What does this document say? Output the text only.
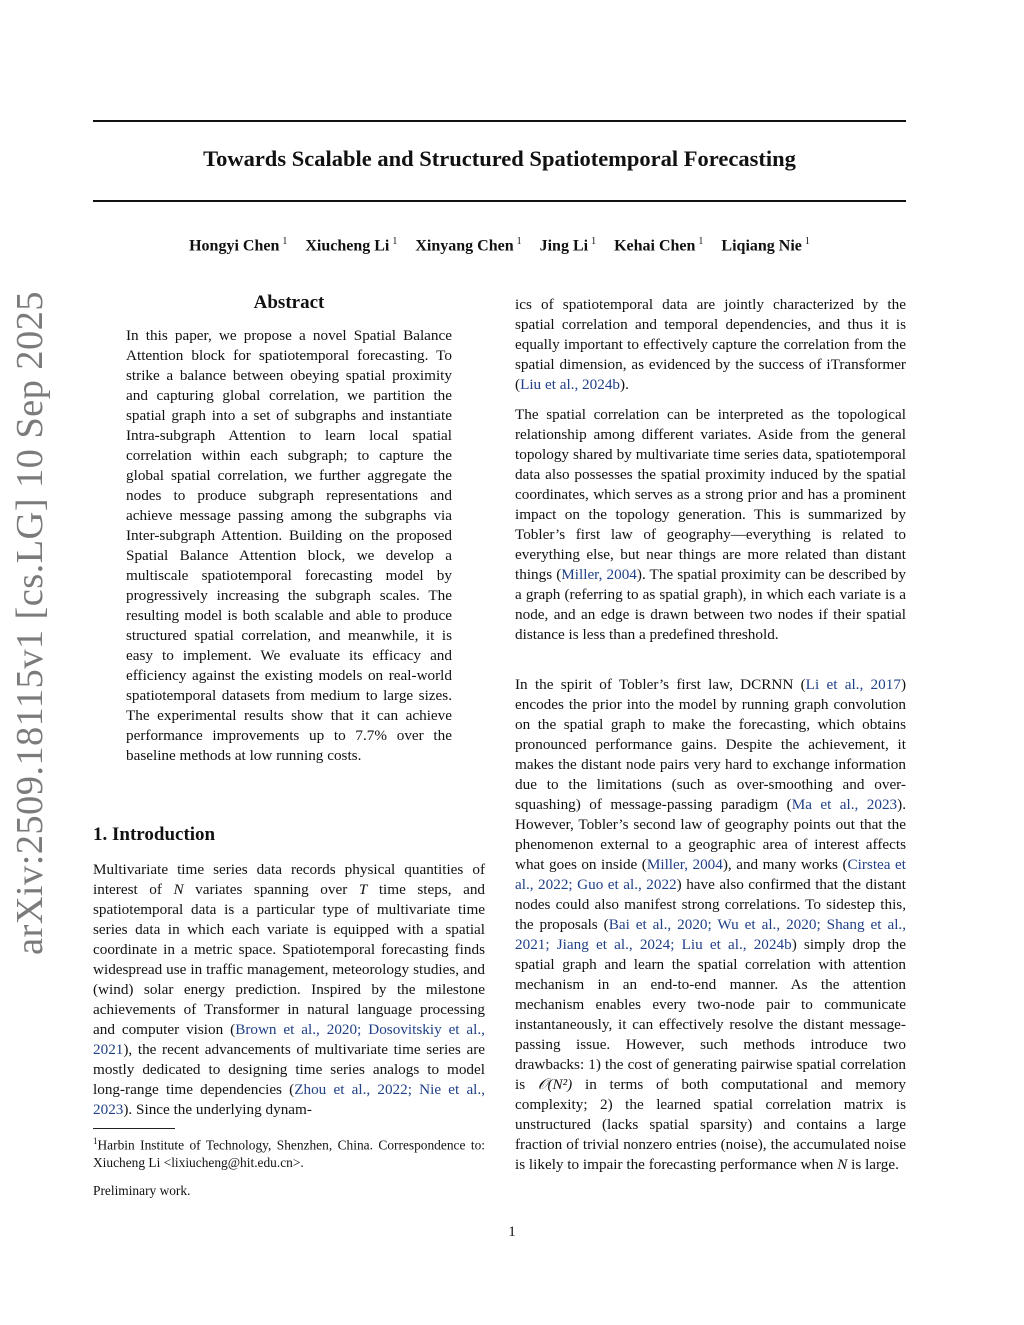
Towards Scalable and Structured Spatiotemporal Forecasting
Hongyi Chen $^1$ Xiucheng Li $^1$ Xinyang Chen $^1$ Jing Li $^1$ Kehai Chen $^1$ Liqiang Nie $^1$
arXiv:2509.18115v1 [cs.LG] 10 Sep 2025	Abstract
In this paper, we propose a novel Spatial Balance Attention block for spatiotemporal forecasting. To strike a balance between obeying spatial proximity and capturing global correlation, we partition the spatial graph into a set of subgraphs and instantiate Intra-subgraph Attention to learn local spatial correlation within each subgraph; to capture the global spatial correlation, we further aggregate the nodes to produce subgraph representations and achieve message passing among the subgraphs via Inter-subgraph Attention. Building on the proposed Spatial Balance Attention block, we develop a multiscale spatiotemporal forecasting model by progressively increasing the subgraph scales. The resulting model is both scalable and able to produce structured spatial correlation, and meanwhile, it is easy to implement. We evaluate its efficacy and efficiency against the existing models on real-world spatiotemporal datasets from medium to large sizes. The experimental results show that it can achieve performance improvements up to 7.7% over the baseline methods at low running costs.
1. Introduction
Multivariate time series data records physical quantities of interest of N variates spanning over T time steps, and spatiotemporal data is a particular type of multivariate time series data in which each variate is equipped with a spatial coordinate in a metric space. Spatiotemporal forecasting finds widespread use in traffic management, meteorology studies, and (wind) solar energy prediction. Inspired by the milestone achievements of Transformer in natural language processing and computer vision (Brown et al., 2020; Dosovitskiy et al., 2021), the recent advancements of multivariate time series are mostly dedicated to designing time series analogs to model long-range time dependencies (Zhou et al., 2022; Nie et al., 2023). Since the underlying dynam-
$^1$Harbin Institute of Technology, Shenzhen, China. Correspondence to: Xiucheng Li <lixiucheng@hit.edu.cn>.
Preliminary work.
ics of spatiotemporal data are jointly characterized by the spatial correlation and temporal dependencies, and thus it is equally important to effectively capture the correlation from the spatial dimension, as evidenced by the success of iTransformer (Liu et al., 2024b).
The spatial correlation can be interpreted as the topological relationship among different variates. Aside from the general topology shared by multivariate time series data, spatiotemporal data also possesses the spatial proximity induced by the spatial coordinates, which serves as a strong prior and has a prominent impact on the topology generation. This is summarized by Tobler’s first law of geography—everything is related to everything else, but near things are more related than distant things (Miller, 2004). The spatial proximity can be described by a graph (referring to as spatial graph), in which each variate is a node, and an edge is drawn between two nodes if their spatial distance is less than a predefined threshold.
In the spirit of Tobler’s first law, DCRNN (Li et al., 2017) encodes the prior into the model by running graph convolution on the spatial graph to make the forecasting, which obtains pronounced performance gains. Despite the achievement, it makes the distant node pairs very hard to exchange information due to the limitations (such as over-smoothing and over-squashing) of message-passing paradigm (Ma et al., 2023). However, Tobler’s second law of geography points out that the phenomenon external to a geographic area of interest affects what goes on inside (Miller, 2004), and many works (Cirstea et al., 2022; Guo et al., 2022) have also confirmed that the distant nodes could also manifest strong correlations. To sidestep this, the proposals (Bai et al., 2020; Wu et al., 2020; Shang et al., 2021; Jiang et al., 2024; Liu et al., 2024b) simply drop the spatial graph and learn the spatial correlation with attention mechanism in an end-to-end manner. As the attention mechanism enables every two-node pair to communicate instantaneously, it can effectively resolve the distant message-passing issue. However, such methods introduce two drawbacks: 1) the cost of generating pairwise spatial correlation is 𝒪(N²) in terms of both computational and memory complexity; 2) the learned spatial correlation matrix is unstructured (lacks spatial sparsity) and contains a large fraction of trivial nonzero entries (noise), the accumulated noise is likely to impair the forecasting performance when N is large.
1
